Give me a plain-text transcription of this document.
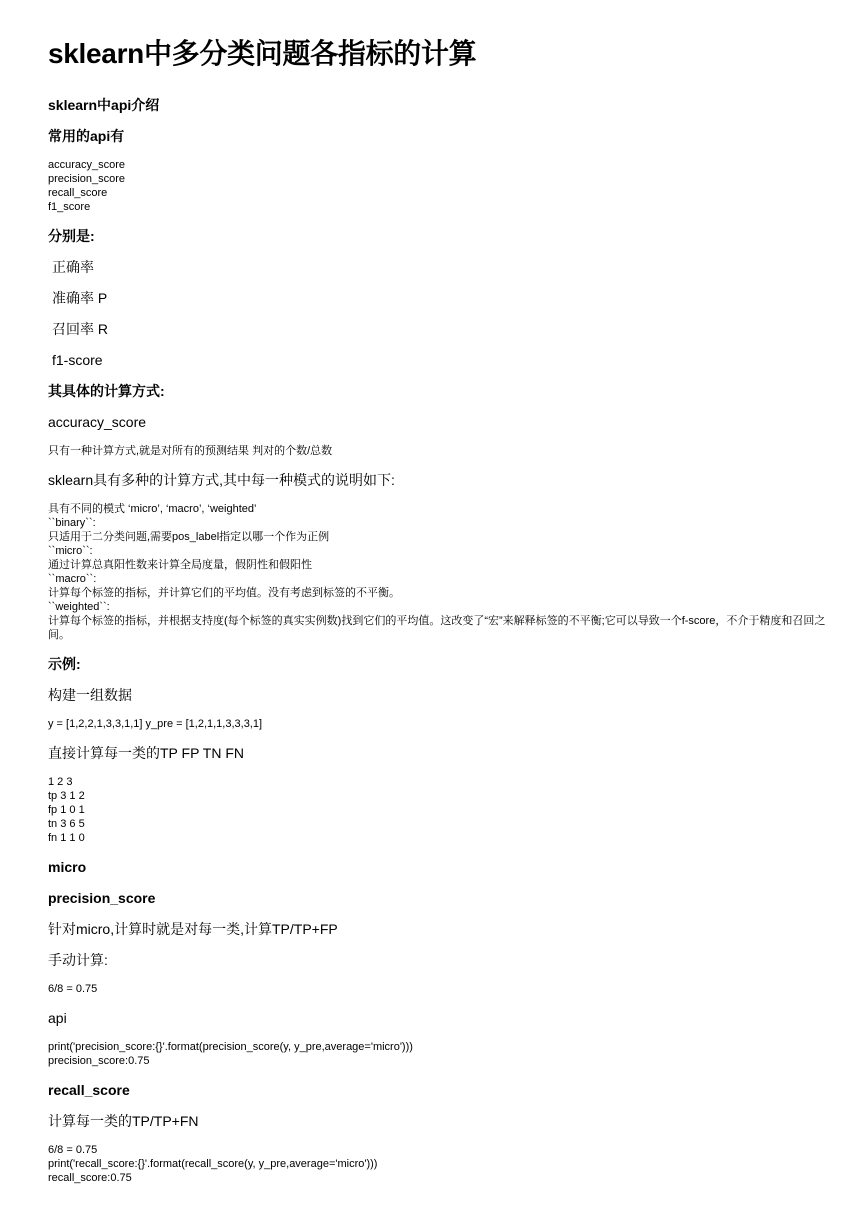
sklearn中多分类问题各指标的计算

sklearn中api介绍

常用的api有

accuracy_score
precision_score
recall_score
f1_score

分别是:

正确率

准确率 P

召回率 R

f1-score

其具体的计算方式:

accuracy_score

只有一种计算方式,就是对所有的预测结果 判对的个数/总数

sklearn具有多种的计算方式,其中每一种模式的说明如下:

具有不同的模式 ‘micro’, ‘macro’, ‘weighted’
``binary``:
只适用于二分类问题,需要pos_label指定以哪一个作为正例
``micro``:
通过计算总真阳性数来计算全局度量，假阴性和假阳性
``macro``:
计算每个标签的指标，并计算它们的平均值。没有考虑到标签的不平衡。
``weighted``:
计算每个标签的指标，并根据支持度(每个标签的真实实例数)找到它们的平均值。这改变了“宏”来解释标签的不平衡;它可以导致一个f-score，不介于精度和召回之间。

示例:

构建一组数据

y = [1,2,2,1,3,3,1,1] y_pre = [1,2,1,1,3,3,3,1]

直接计算每一类的TP FP TN FN

1 2 3
tp 3 1 2
fp 1 0 1
tn 3 6 5
fn 1 1 0

micro

precision_score

针对micro,计算时就是对每一类,计算TP/TP+FP

手动计算:

6/8 = 0.75

api

print('precision_score:{}'.format(precision_score(y, y_pre,average='micro')))
precision_score:0.75

recall_score

计算每一类的TP/TP+FN

6/8 = 0.75
print('recall_score:{}'.format(recall_score(y, y_pre,average='micro')))
recall_score:0.75
